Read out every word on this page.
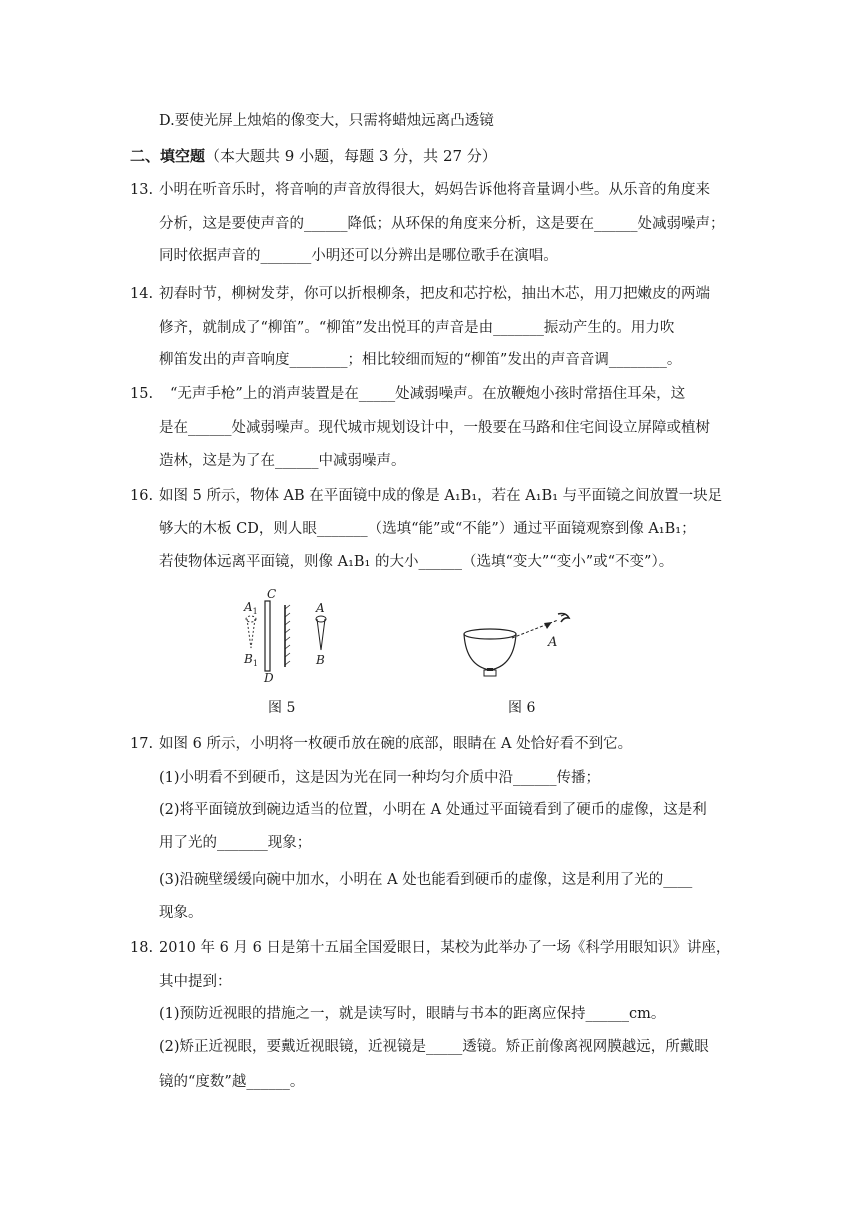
D.要使光屏上烛焰的像变大，只需将蜡烛远离凸透镜
二、填空题（本大题共 9 小题，每题 3 分，共 27 分）
13. 小明在听音乐时，将音响的声音放得很大，妈妈告诉他将音量调小些。从乐音的角度来
分析，这是要使声音的______降低；从环保的角度来分析，这是要在______处减弱噪声；
同时依据声音的_______小明还可以分辨出是哪位歌手在演唱。
14. 初春时节，柳树发芽，你可以折根柳条，把皮和芯拧松，抽出木芯，用刀把嫩皮的两端
修齐，就制成了“柳笛”。“柳笛”发出悦耳的声音是由_______振动产生的。用力吹
柳笛发出的声音响度________；相比较细而短的“柳笛”发出的声音音调________。
15. “无声手枪”上的消声装置是在_____处减弱噪声。在放鞭炮小孩时常捂住耳朵，这
是在______处减弱噪声。现代城市规划设计中，一般要在马路和住宅间设立屏障或植树
造林，这是为了在______中减弱噪声。
16. 如图 5 所示，物体 AB 在平面镜中成的像是 A₁B₁，若在 A₁B₁ 与平面镜之间放置一块足
够大的木板 CD，则人眼_______（选填“能”或“不能”）通过平面镜观察到像 A₁B₁；
若使物体远离平面镜，则像 A₁B₁ 的大小______（选填“变大”“变小”或“不变”）。
$A_1$
$B_1$
C
D
A
B
图 5
A
图 6
17. 如图 6 所示，小明将一枚硬币放在碗的底部，眼睛在 A 处恰好看不到它。
(1)小明看不到硬币，这是因为光在同一种均匀介质中沿______传播；
(2)将平面镜放到碗边适当的位置，小明在 A 处通过平面镜看到了硬币的虚像，这是利
用了光的_______现象；
(3)沿碗壁缓缓向碗中加水，小明在 A 处也能看到硬币的虚像，这是利用了光的____
现象。
18. 2010 年 6 月 6 日是第十五届全国爱眼日，某校为此举办了一场《科学用眼知识》讲座，
其中提到：
(1)预防近视眼的措施之一，就是读写时，眼睛与书本的距离应保持______cm。
(2)矫正近视眼，要戴近视眼镜，近视镜是_____透镜。矫正前像离视网膜越远，所戴眼
镜的“度数”越______。
